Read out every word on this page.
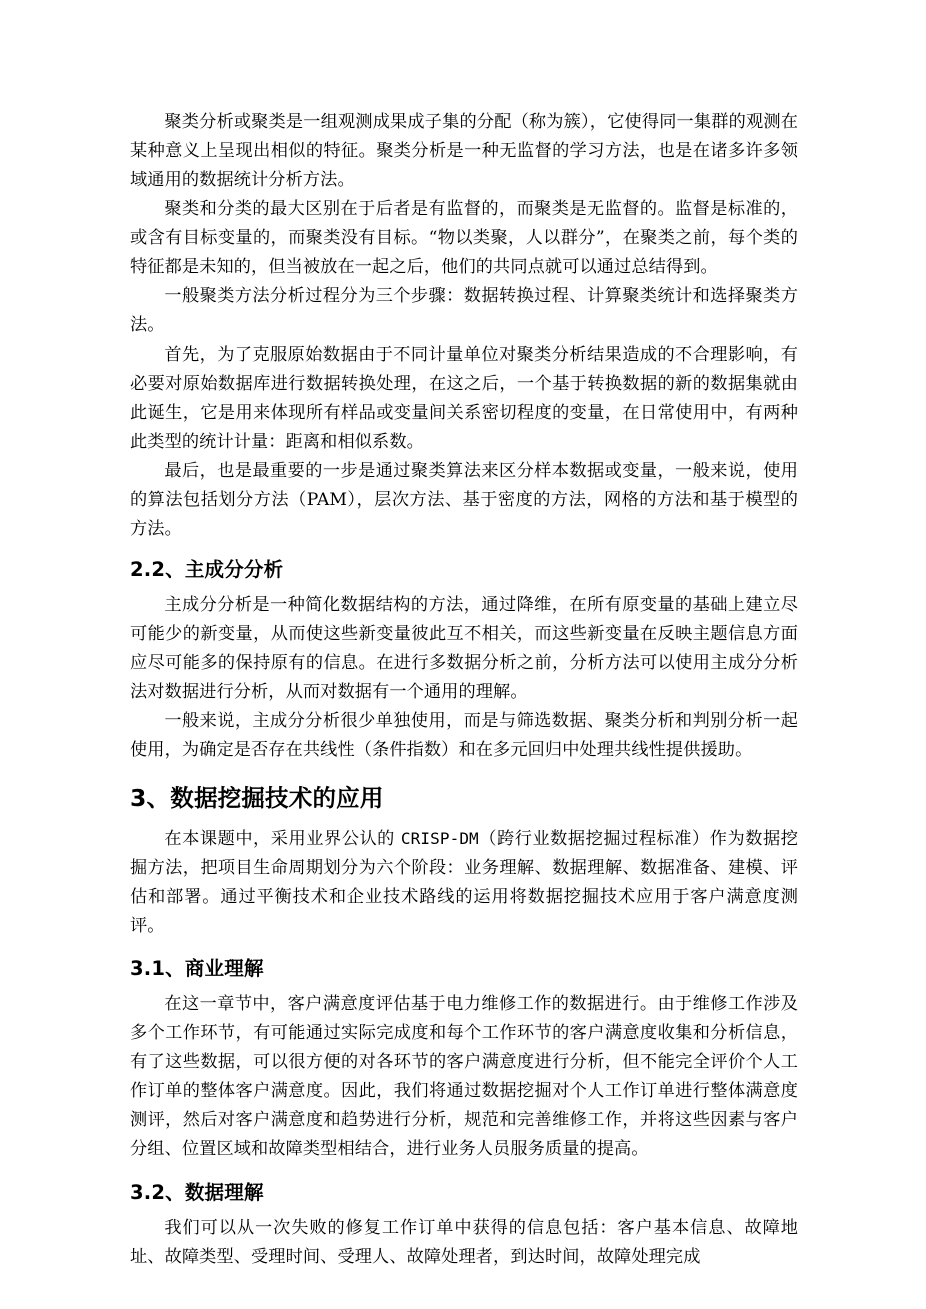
聚类分析或聚类是一组观测成果成子集的分配（称为簇），它使得同一集群的观测在某种意义上呈现出相似的特征。聚类分析是一种无监督的学习方法，也是在诸多许多领域通用的数据统计分析方法。

聚类和分类的最大区别在于后者是有监督的，而聚类是无监督的。监督是标准的，或含有目标变量的，而聚类没有目标。“物以类聚，人以群分”，在聚类之前，每个类的特征都是未知的，但当被放在一起之后，他们的共同点就可以通过总结得到。

一般聚类方法分析过程分为三个步骤：数据转换过程、计算聚类统计和选择聚类方法。

首先，为了克服原始数据由于不同计量单位对聚类分析结果造成的不合理影响，有必要对原始数据库进行数据转换处理，在这之后，一个基于转换数据的新的数据集就由此诞生，它是用来体现所有样品或变量间关系密切程度的变量，在日常使用中，有两种此类型的统计计量：距离和相似系数。

最后，也是最重要的一步是通过聚类算法来区分样本数据或变量，一般来说，使用的算法包括划分方法（PAM），层次方法、基于密度的方法，网格的方法和基于模型的方法。

2.2、主成分分析

主成分分析是一种简化数据结构的方法，通过降维，在所有原变量的基础上建立尽可能少的新变量，从而使这些新变量彼此互不相关，而这些新变量在反映主题信息方面应尽可能多的保持原有的信息。在进行多数据分析之前，分析方法可以使用主成分分析法对数据进行分析，从而对数据有一个通用的理解。

一般来说，主成分分析很少单独使用，而是与筛选数据、聚类分析和判别分析一起使用，为确定是否存在共线性（条件指数）和在多元回归中处理共线性提供援助。

3、数据挖掘技术的应用

在本课题中，采用业界公认的 CRISP-DM（跨行业数据挖掘过程标准）作为数据挖掘方法，把项目生命周期划分为六个阶段：业务理解、数据理解、数据准备、建模、评估和部署。通过平衡技术和企业技术路线的运用将数据挖掘技术应用于客户满意度测评。

3.1、商业理解

在这一章节中，客户满意度评估基于电力维修工作的数据进行。由于维修工作涉及多个工作环节，有可能通过实际完成度和每个工作环节的客户满意度收集和分析信息，有了这些数据，可以很方便的对各环节的客户满意度进行分析，但不能完全评价个人工作订单的整体客户满意度。因此，我们将通过数据挖掘对个人工作订单进行整体满意度测评，然后对客户满意度和趋势进行分析，规范和完善维修工作，并将这些因素与客户分组、位置区域和故障类型相结合，进行业务人员服务质量的提高。

3.2、数据理解

我们可以从一次失败的修复工作订单中获得的信息包括：客户基本信息、故障地址、故障类型、受理时间、受理人、故障处理者，到达时间，故障处理完成
